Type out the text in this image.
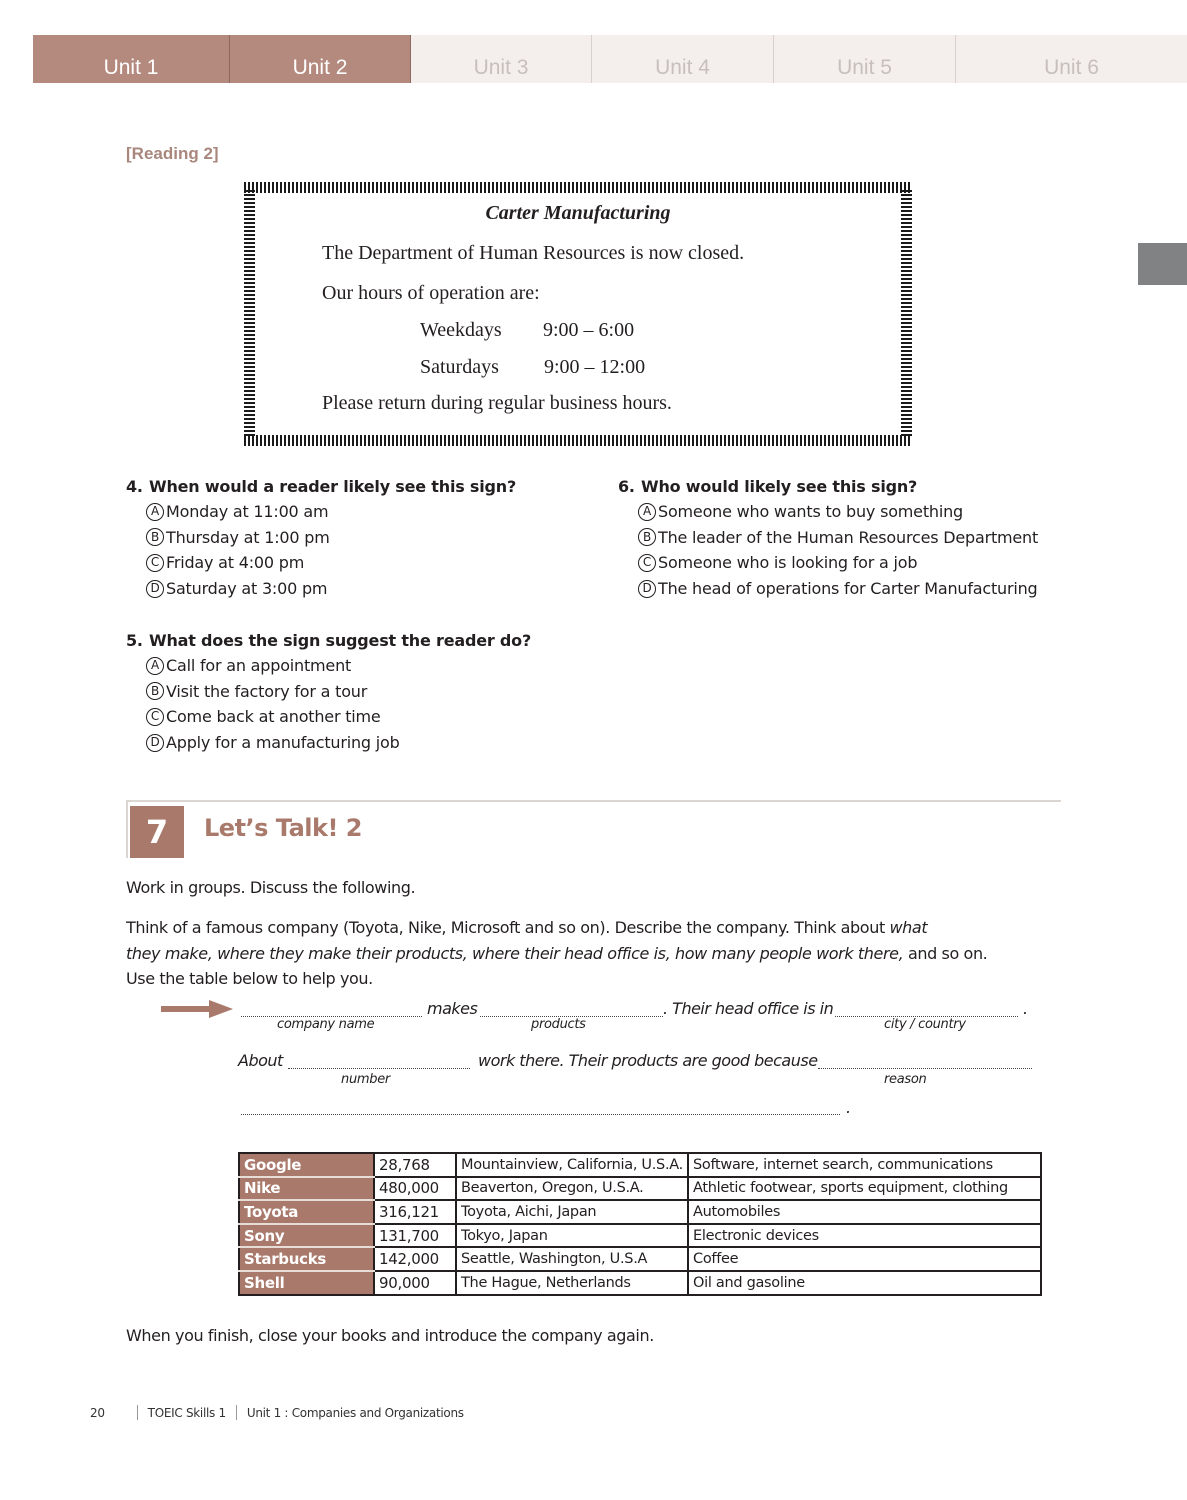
Unit 1	Unit 2	Unit 3	Unit 4	Unit 5	Unit 6
[Reading 2]
Carter Manufacturing
The Department of Human Resources is now closed.
Our hours of operation are:
Weekdays 9:00 – 6:00
Saturdays 9:00 – 12:00
Please return during regular business hours.
4. When would a reader likely see this sign?
A Monday at 11:00 am
B Thursday at 1:00 pm
C Friday at 4:00 pm
D Saturday at 3:00 pm
5. What does the sign suggest the reader do?
A Call for an appointment
B Visit the factory for a tour
C Come back at another time
D Apply for a manufacturing job
6. Who would likely see this sign?
A Someone who wants to buy something
B The leader of the Human Resources Department
C Someone who is looking for a job
D The head of operations for Carter Manufacturing
7	Let’s Talk! 2
Work in groups. Discuss the following.
Think of a famous company (Toyota, Nike, Microsoft and so on). Describe the company. Think about what
they make, where they make their products, where their head office is, how many people work there, and so on.
Use the table below to help you.
makes	. Their head office is in	.
company name	products	city / country
About	work there. Their products are good because
number	reason
.
Google	28,768	Mountainview, California, U.S.A.	Software, internet search, communications
Nike	480,000	Beaverton, Oregon, U.S.A.	Athletic footwear, sports equipment, clothing
Toyota	316,121	Toyota, Aichi, Japan	Automobiles
Sony	131,700	Tokyo, Japan	Electronic devices
Starbucks	142,000	Seattle, Washington, U.S.A	Coffee
Shell	90,000	The Hague, Netherlands	Oil and gasoline
When you finish, close your books and introduce the company again.
20	TOEIC Skills 1 Unit 1 : Companies and Organizations
